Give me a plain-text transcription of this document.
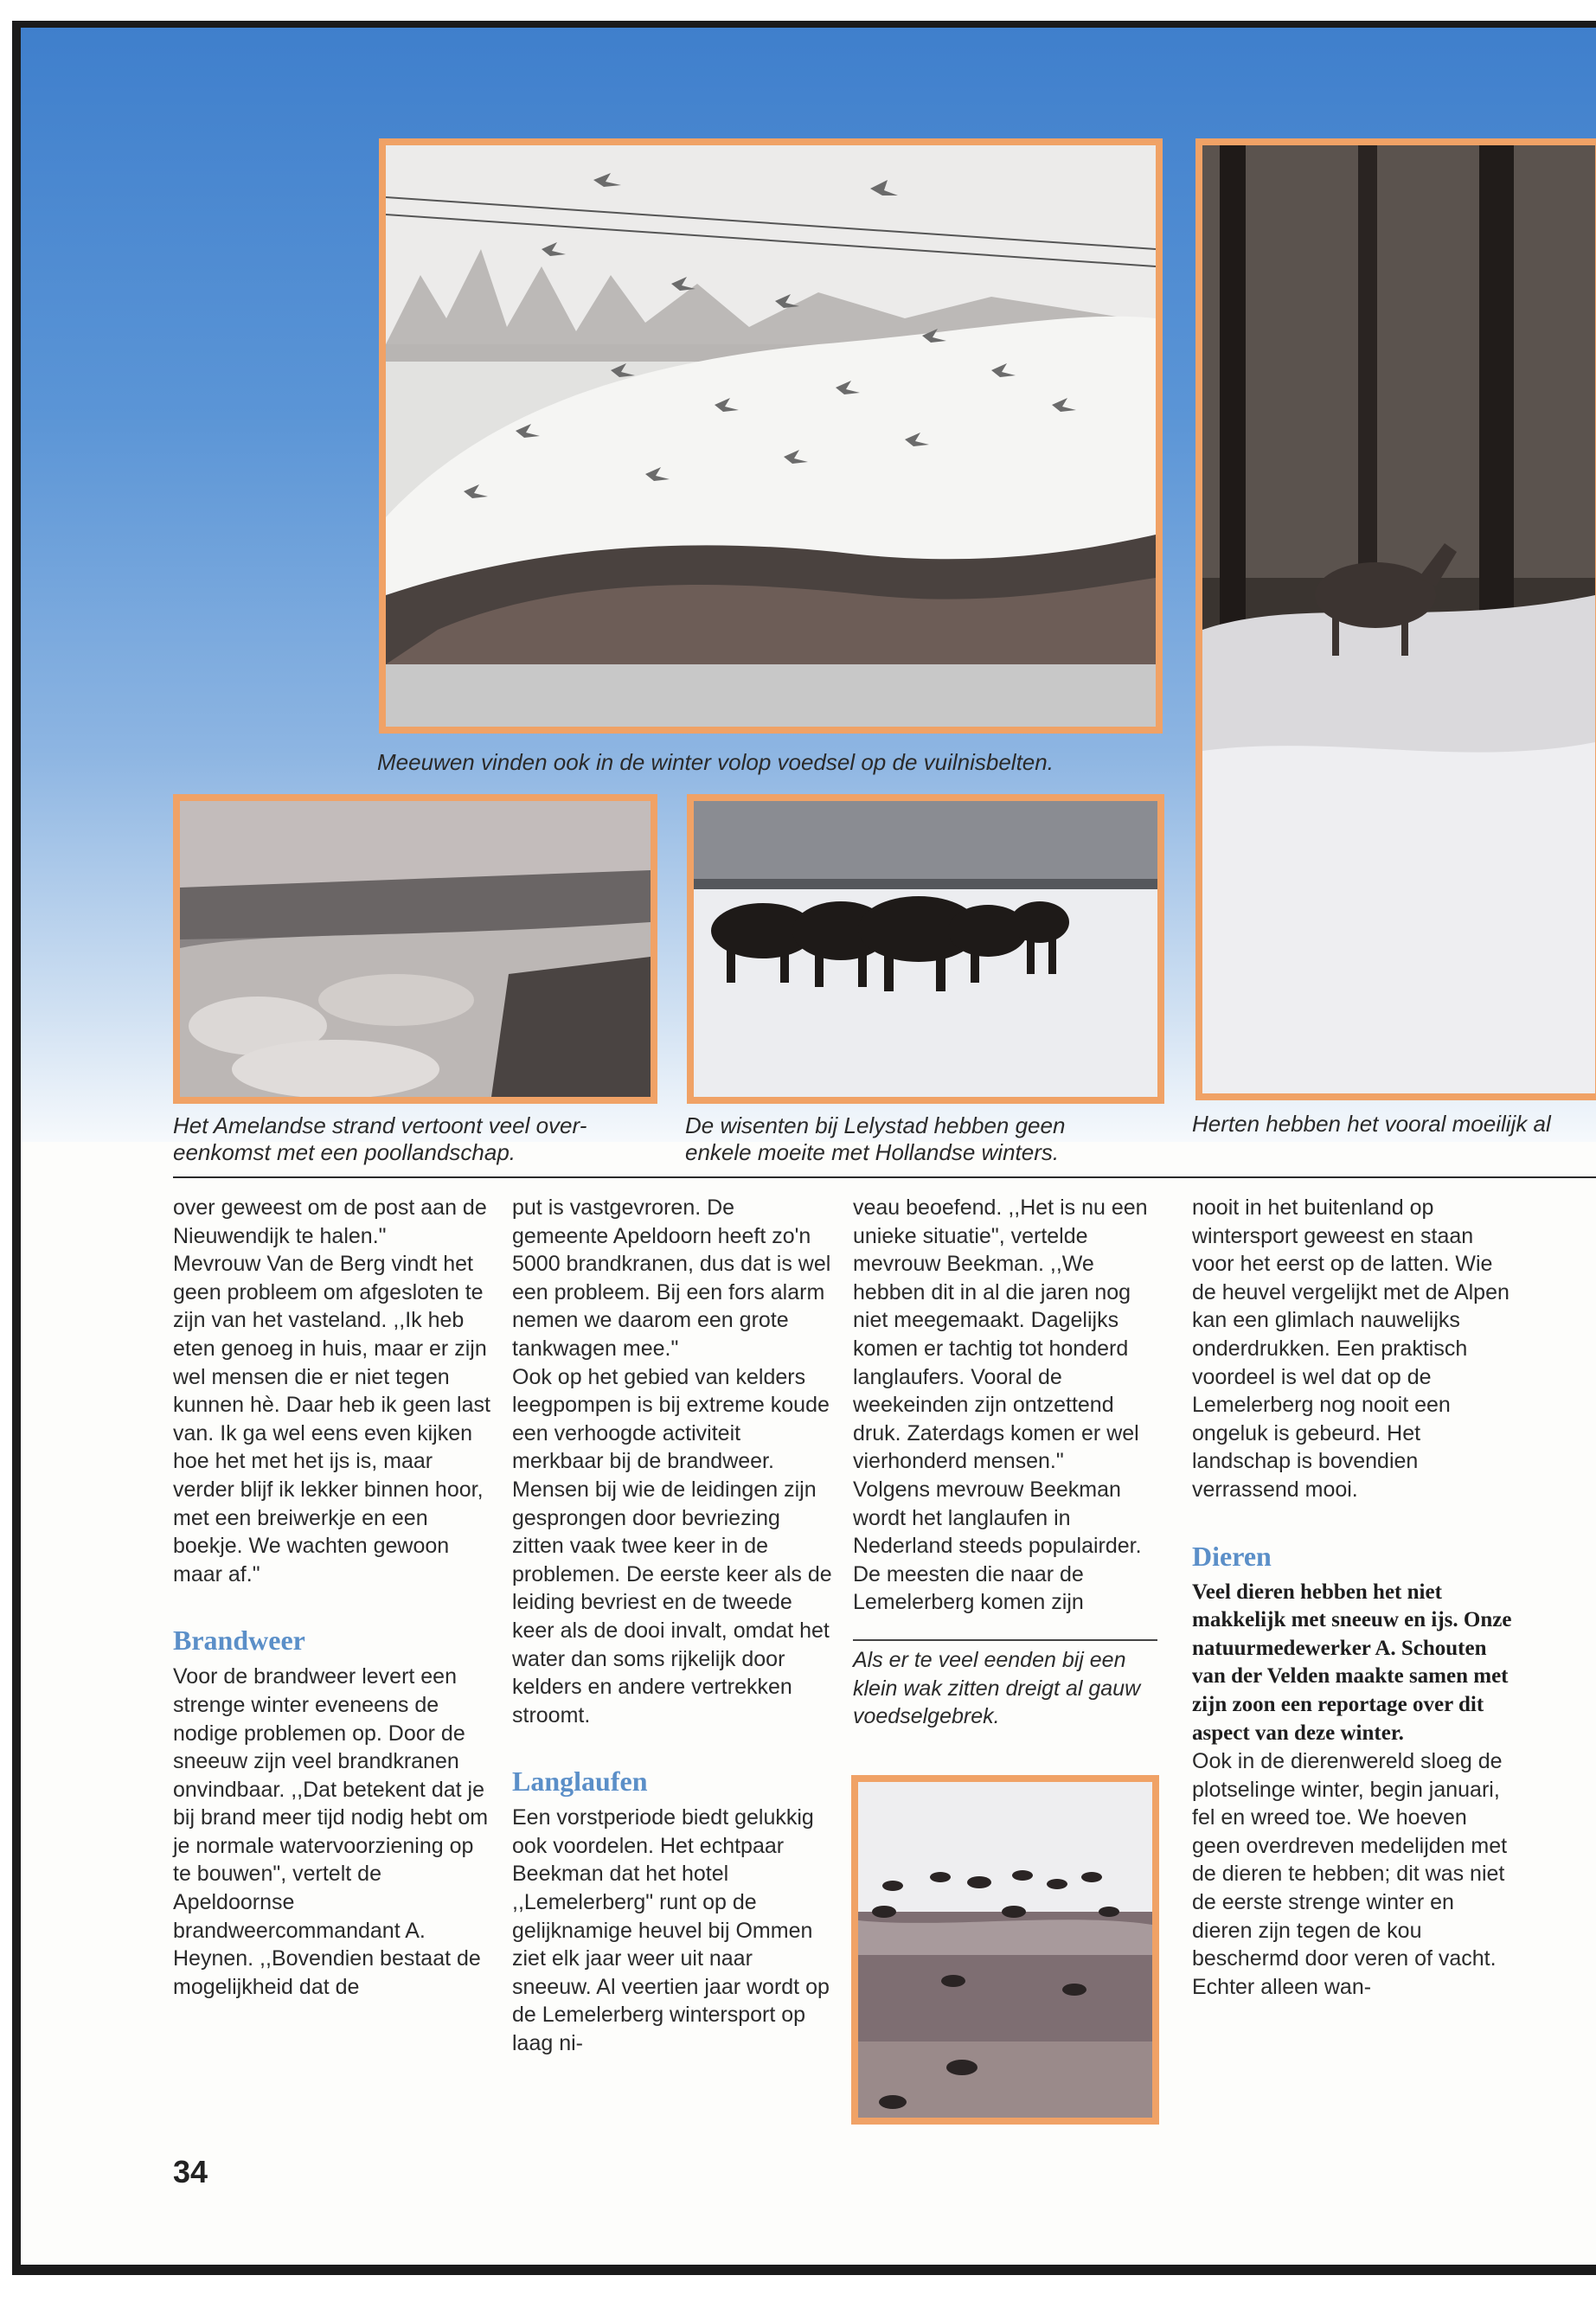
Meeuwen vinden ook in de winter volop voedsel op de vuilnisbelten.

Herten hebben het vooral moeilijk al

Het Amelandse strand vertoont veel over-
eenkomst met een poollandschap.

De wisenten bij Lelystad hebben geen
enkele moeite met Hollandse winters.

over geweest om de post aan de Nieuwendijk te halen."

Mevrouw Van de Berg vindt het geen probleem om afgesloten te zijn van het vasteland. ,,Ik heb eten genoeg in huis, maar er zijn wel mensen die er niet tegen kunnen hè. Daar heb ik geen last van. Ik ga wel eens even kijken hoe het met het ijs is, maar verder blijf ik lekker binnen hoor, met een breiwerkje en een boekje. We wachten gewoon maar af."

Brandweer

Voor de brandweer levert een strenge winter eveneens de nodige problemen op. Door de sneeuw zijn veel brandkranen onvindbaar. ,,Dat betekent dat je bij brand meer tijd nodig hebt om je normale watervoorziening op te bouwen", vertelt de Apeldoornse brandweercommandant A. Heynen. ,,Bovendien bestaat de mogelijkheid dat de

put is vastgevroren. De gemeente Apeldoorn heeft zo'n 5000 brandkranen, dus dat is wel een probleem. Bij een fors alarm nemen we daarom een grote tankwagen mee."

Ook op het gebied van kelders leegpompen is bij extreme koude een verhoogde activiteit merkbaar bij de brandweer. Mensen bij wie de leidingen zijn gesprongen door bevriezing zitten vaak twee keer in de problemen. De eerste keer als de leiding bevriest en de tweede keer als de dooi invalt, omdat het water dan soms rijkelijk door kelders en andere vertrekken stroomt.

Langlaufen

Een vorstperiode biedt gelukkig ook voordelen. Het echtpaar Beekman dat het hotel ,,Lemelerberg" runt op de gelijknamige heuvel bij Ommen ziet elk jaar weer uit naar sneeuw. Al veertien jaar wordt op de Lemelerberg wintersport op laag ni-

veau beoefend. ,,Het is nu een unieke situatie", vertelde mevrouw Beekman. ,,We hebben dit in al die jaren nog niet meegemaakt. Dagelijks komen er tachtig tot honderd langlaufers. Vooral de weekeinden zijn ontzettend druk. Zaterdags komen er wel vierhonderd mensen."

Volgens mevrouw Beekman wordt het langlaufen in Nederland steeds populairder. De meesten die naar de Lemelerberg komen zijn

Als er te veel eenden bij een klein wak zitten dreigt al gauw voedselgebrek.

nooit in het buitenland op wintersport geweest en staan voor het eerst op de latten. Wie de heuvel vergelijkt met de Alpen kan een glimlach nauwelijks onderdrukken. Een praktisch voordeel is wel dat op de Lemelerberg nog nooit een ongeluk is gebeurd. Het landschap is bovendien verrassend mooi.

Dieren

Veel dieren hebben het niet makkelijk met sneeuw en ijs. Onze natuurmedewerker A. Schouten van der Velden maakte samen met zijn zoon een reportage over dit aspect van deze winter.

Ook in de dierenwereld sloeg de plotselinge winter, begin januari, fel en wreed toe. We hoeven geen overdreven medelijden met de dieren te hebben; dit was niet de eerste strenge winter en dieren zijn tegen de kou beschermd door veren of vacht. Echter alleen wan-

34
